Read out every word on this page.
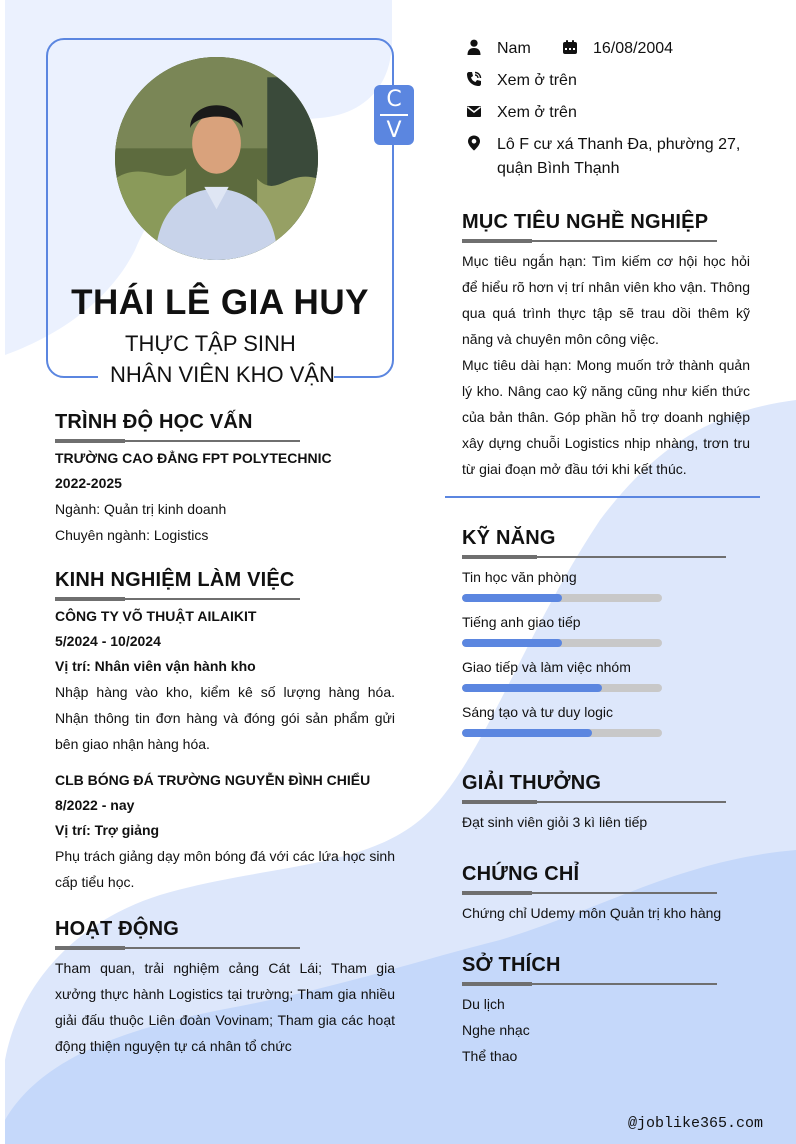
C
V
THÁI LÊ GIA HUY
THỰC TẬP SINH
NHÂN VIÊN KHO VẬN
Nam	16/08/2004
Xem ở trên
Xem ở trên
Lô F cư xá Thanh Đa, phường 27,
quận Bình Thạnh
MỤC TIÊU NGHỀ NGHIỆP
Mục tiêu ngắn hạn: Tìm kiếm cơ hội học hỏi để hiểu rõ hơn vị trí nhân viên kho vận. Thông qua quá trình thực tập sẽ trau dồi thêm kỹ năng và chuyên môn công việc.
Mục tiêu dài hạn: Mong muốn trở thành quản lý kho. Nâng cao kỹ năng cũng như kiến thức của bản thân. Góp phần hỗ trợ doanh nghiệp xây dựng chuỗi Logistics nhịp nhàng, trơn tru từ giai đoạn mở đầu tới khi kết thúc.
TRÌNH ĐỘ HỌC VẤN
TRƯỜNG CAO ĐẲNG FPT POLYTECHNIC
2022-2025
Ngành: Quản trị kinh doanh
Chuyên ngành: Logistics
KINH NGHIỆM LÀM VIỆC
CÔNG TY VÕ THUẬT AILAIKIT
5/2024 - 10/2024
Vị trí: Nhân viên vận hành kho
Nhập hàng vào kho, kiểm kê số lượng hàng hóa. Nhận thông tin đơn hàng và đóng gói sản phẩm gửi bên giao nhận hàng hóa.
CLB BÓNG ĐÁ TRƯỜNG NGUYỄN ĐÌNH CHIỂU
8/2022 - nay
Vị trí: Trợ giảng
Phụ trách giảng dạy môn bóng đá với các lứa học sinh cấp tiểu học.
HOẠT ĐỘNG
Tham quan, trải nghiệm cảng Cát Lái; Tham gia xưởng thực hành Logistics tại trường; Tham gia nhiều giải đấu thuộc Liên đoàn Vovinam; Tham gia các hoạt động thiện nguyện tự cá nhân tổ chức
KỸ NĂNG
Tin học văn phòng
Tiếng anh giao tiếp
Giao tiếp và làm việc nhóm
Sáng tạo và tư duy logic
GIẢI THƯỞNG
Đạt sinh viên giỏi 3 kì liên tiếp
CHỨNG CHỈ
Chứng chỉ Udemy môn Quản trị kho hàng
SỞ THÍCH
Du lịch
Nghe nhạc
Thể thao
@joblike365.com
